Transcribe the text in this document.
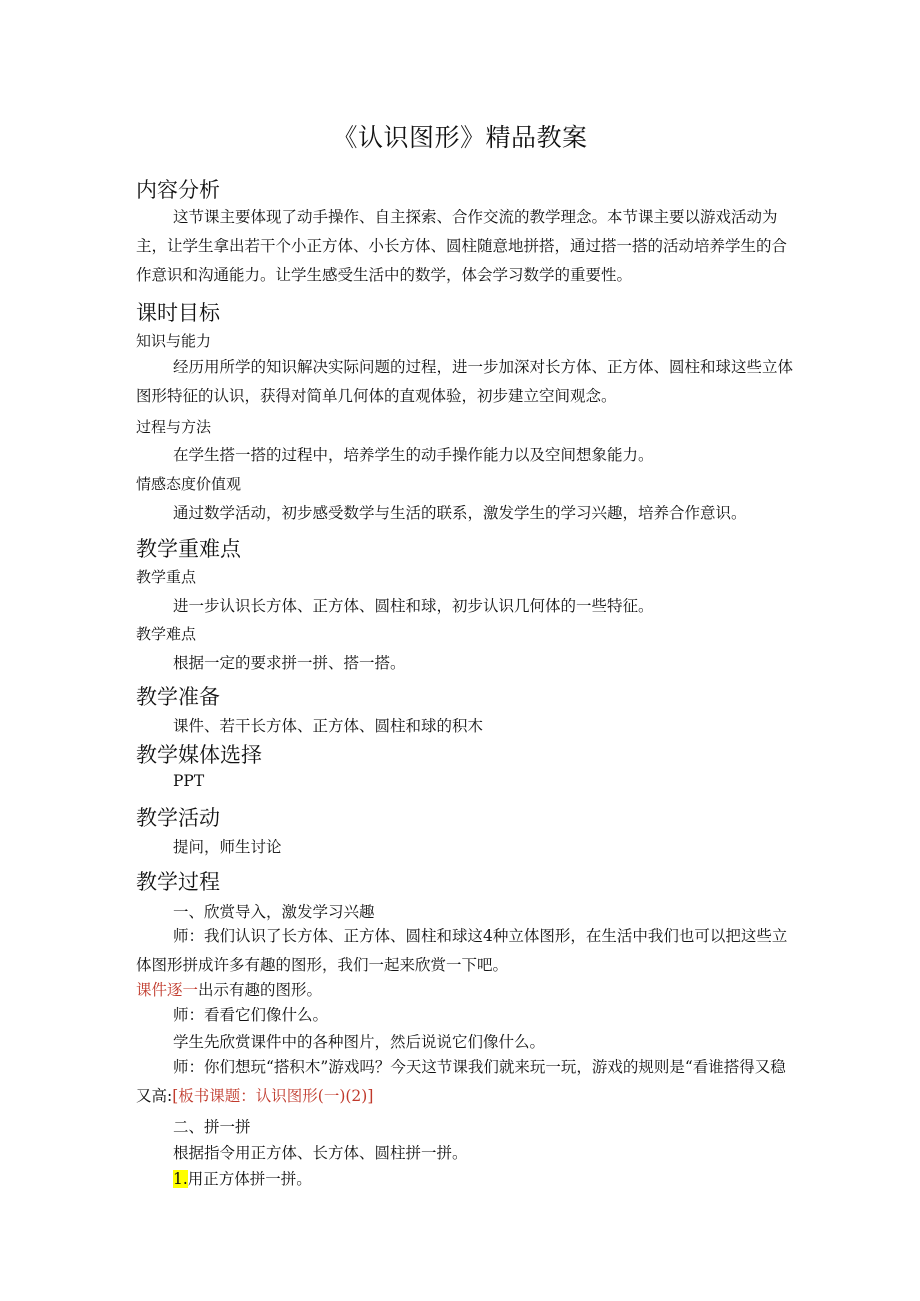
《认识图形》精品教案
内容分析
这节课主要体现了动手操作、自主探索、合作交流的教学理念。本节课主要以游戏活动为主，让学生拿出若干个小正方体、小长方体、圆柱随意地拼搭，通过搭一搭的活动培养学生的合作意识和沟通能力。让学生感受生活中的数学，体会学习数学的重要性。
课时目标
知识与能力
经历用所学的知识解决实际问题的过程，进一步加深对长方体、正方体、圆柱和球这些立体图形特征的认识，获得对简单几何体的直观体验，初步建立空间观念。
过程与方法
在学生搭一搭的过程中，培养学生的动手操作能力以及空间想象能力。
情感态度价值观
通过数学活动，初步感受数学与生活的联系，激发学生的学习兴趣，培养合作意识。
教学重难点
教学重点
进一步认识长方体、正方体、圆柱和球，初步认识几何体的一些特征。
教学难点
根据一定的要求拼一拼、搭一搭。
教学准备
课件、若干长方体、正方体、圆柱和球的积木
教学媒体选择
PPT
教学活动
提问，师生讨论
教学过程
一、欣赏导入，激发学习兴趣
师：我们认识了长方体、正方体、圆柱和球这4种立体图形，在生活中我们也可以把这些立体图形拼成许多有趣的图形，我们一起来欣赏一下吧。
课件逐一出示有趣的图形。
师：看看它们像什么。
学生先欣赏课件中的各种图片，然后说说它们像什么。
师：你们想玩“搭积木”游戏吗？今天这节课我们就来玩一玩，游戏的规则是“看谁搭得又稳又高:[板书课题：认识图形(一)(2)]
二、拼一拼
根据指令用正方体、长方体、圆柱拼一拼。
1.用正方体拼一拼。
